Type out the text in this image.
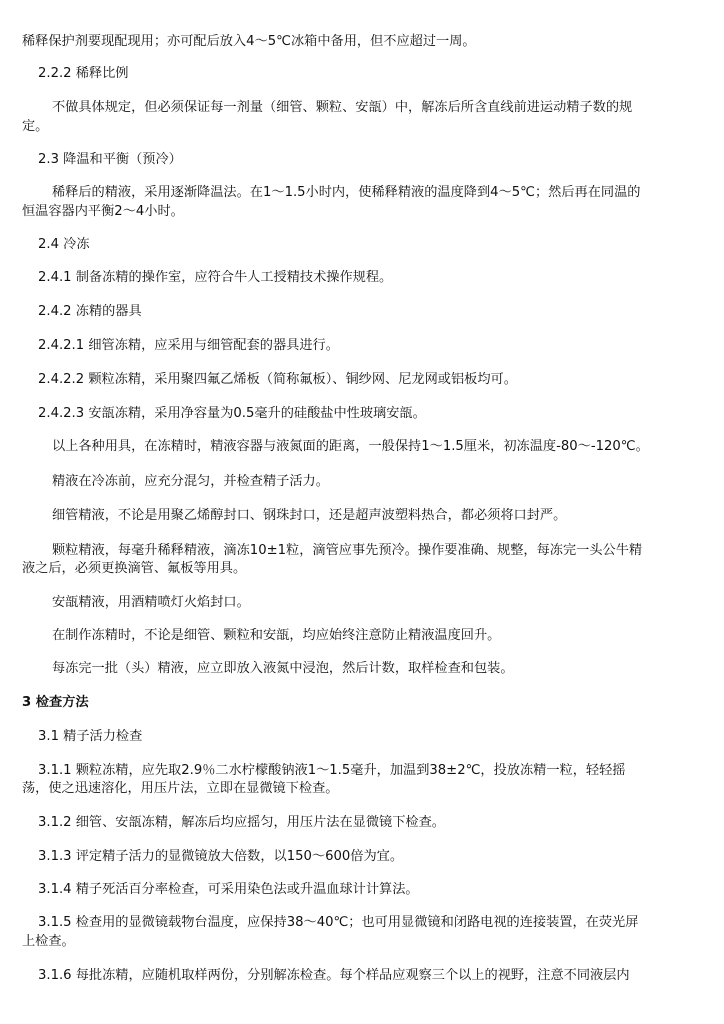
稀释保护剂要现配现用；亦可配后放入4～5℃冰箱中备用，但不应超过一周。
2.2.2 稀释比例
不做具体规定，但必须保证每一剂量（细管、颗粒、安瓿）中，解冻后所含直线前进运动精子数的规
定。
2.3 降温和平衡（预冷）
稀释后的精液，采用逐渐降温法。在1～1.5小时内，使稀释精液的温度降到4～5℃；然后再在同温的
恒温容器内平衡2～4小时。
2.4 冷冻
2.4.1 制备冻精的操作室，应符合牛人工授精技术操作规程。
2.4.2 冻精的器具
2.4.2.1 细管冻精，应采用与细管配套的器具进行。
2.4.2.2 颗粒冻精，采用聚四氟乙烯板（简称氟板）、铜纱网、尼龙网或铝板均可。
2.4.2.3 安瓿冻精，采用净容量为0.5毫升的硅酸盐中性玻璃安瓿。
以上各种用具，在冻精时，精液容器与液氮面的距离，一般保持1～1.5厘米，初冻温度-80～-120℃。
精液在冷冻前，应充分混匀，并检查精子活力。
细管精液，不论是用聚乙烯醇封口、钢珠封口，还是超声波塑料热合，都必须将口封严。
颗粒精液，每毫升稀释精液，滴冻10±1粒，滴管应事先预冷。操作要准确、规整，每冻完一头公牛精
液之后，必须更换滴管、氟板等用具。
安瓿精液，用酒精喷灯火焰封口。
在制作冻精时，不论是细管、颗粒和安瓿，均应始终注意防止精液温度回升。
每冻完一批（头）精液，应立即放入液氮中浸泡，然后计数，取样检查和包装。
3 检查方法
3.1 精子活力检查
3.1.1 颗粒冻精，应先取2.9％二水柠檬酸钠液1～1.5毫升，加温到38±2℃，投放冻精一粒，轻轻摇
荡，使之迅速溶化，用压片法，立即在显微镜下检查。
3.1.2 细管、安瓿冻精，解冻后均应摇匀，用压片法在显微镜下检查。
3.1.3 评定精子活力的显微镜放大倍数，以150～600倍为宜。
3.1.4 精子死活百分率检查，可采用染色法或升温血球计计算法。
3.1.5 检查用的显微镜载物台温度，应保持38～40℃；也可用显微镜和闭路电视的连接装置，在荧光屏
上检查。
3.1.6 每批冻精，应随机取样两份，分别解冻检查。每个样品应观察三个以上的视野，注意不同液层内
